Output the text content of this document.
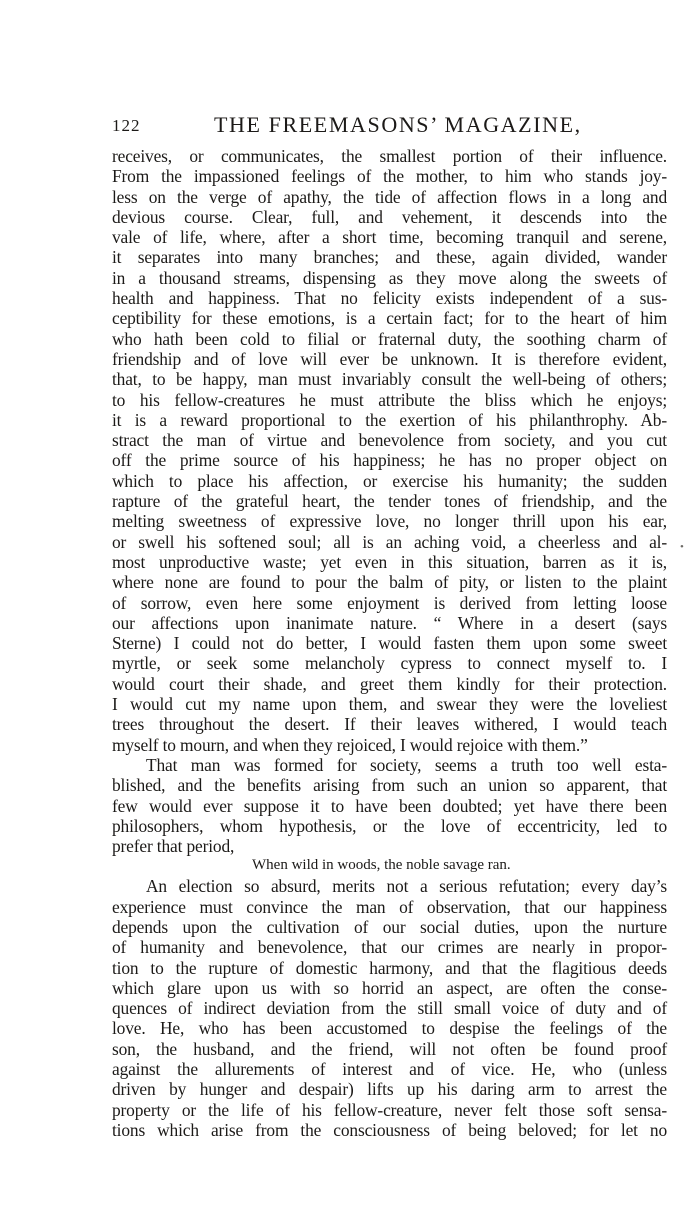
122	THE FREEMASONS’ MAGAZINE,
receives, or communicates, the smallest portion of their influence.
From the impassioned feelings of the mother, to him who stands joy-
less on the verge of apathy, the tide of affection flows in a long and
devious course. Clear, full, and vehement, it descends into the
vale of life, where, after a short time, becoming tranquil and serene,
it separates into many branches; and these, again divided, wander
in a thousand streams, dispensing as they move along the sweets of
health and happiness. That no felicity exists independent of a sus-
ceptibility for these emotions, is a certain fact; for to the heart of him
who hath been cold to filial or fraternal duty, the soothing charm of
friendship and of love will ever be unknown. It is therefore evident,
that, to be happy, man must invariably consult the well-being of others;
to his fellow-creatures he must attribute the bliss which he enjoys;
it is a reward proportional to the exertion of his philanthrophy. Ab-
stract the man of virtue and benevolence from society, and you cut
off the prime source of his happiness; he has no proper object on
which to place his affection, or exercise his humanity; the sudden
rapture of the grateful heart, the tender tones of friendship, and the
melting sweetness of expressive love, no longer thrill upon his ear,
or swell his softened soul; all is an aching void, a cheerless and al-
most unproductive waste; yet even in this situation, barren as it is,
where none are found to pour the balm of pity, or listen to the plaint
of sorrow, even here some enjoyment is derived from letting loose
our affections upon inanimate nature. “ Where in a desert (says
Sterne) I could not do better, I would fasten them upon some sweet
myrtle, or seek some melancholy cypress to connect myself to. I
would court their shade, and greet them kindly for their protection.
I would cut my name upon them, and swear they were the loveliest
trees throughout the desert. If their leaves withered, I would teach
myself to mourn, and when they rejoiced, I would rejoice with them.”
That man was formed for society, seems a truth too well esta-
blished, and the benefits arising from such an union so apparent, that
few would ever suppose it to have been doubted; yet have there been
philosophers, whom hypothesis, or the love of eccentricity, led to
prefer that period,
When wild in woods, the noble savage ran.
An election so absurd, merits not a serious refutation; every day’s
experience must convince the man of observation, that our happiness
depends upon the cultivation of our social duties, upon the nurture
of humanity and benevolence, that our crimes are nearly in propor-
tion to the rupture of domestic harmony, and that the flagitious deeds
which glare upon us with so horrid an aspect, are often the conse-
quences of indirect deviation from the still small voice of duty and of
love. He, who has been accustomed to despise the feelings of the
son, the husband, and the friend, will not often be found proof
against the allurements of interest and of vice. He, who (unless
driven by hunger and despair) lifts up his daring arm to arrest the
property or the life of his fellow-creature, never felt those soft sensa-
tions which arise from the consciousness of being beloved; for let no
•
